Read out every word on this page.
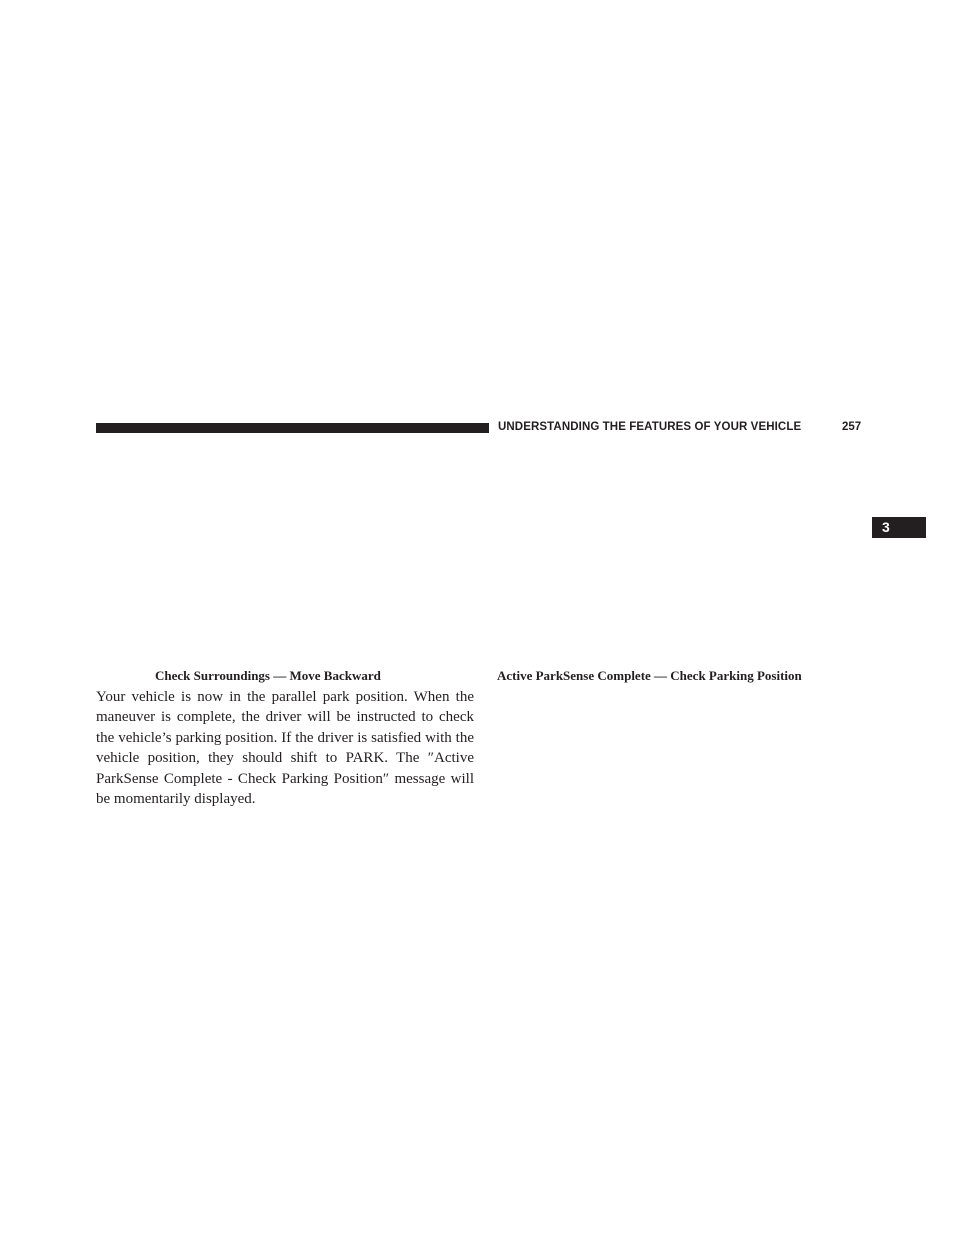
UNDERSTANDING THE FEATURES OF YOUR VEHICLE	257
3
Check Surroundings — Move Backward	Active ParkSense Complete — Check Parking Position

Your vehicle is now in the parallel park position. When the maneuver is complete, the driver will be instructed to check the vehicle’s parking position. If the driver is satisfied with the vehicle position, they should shift to PARK. The ″Active ParkSense Complete - Check Parking Position″ message will be momentarily displayed.
